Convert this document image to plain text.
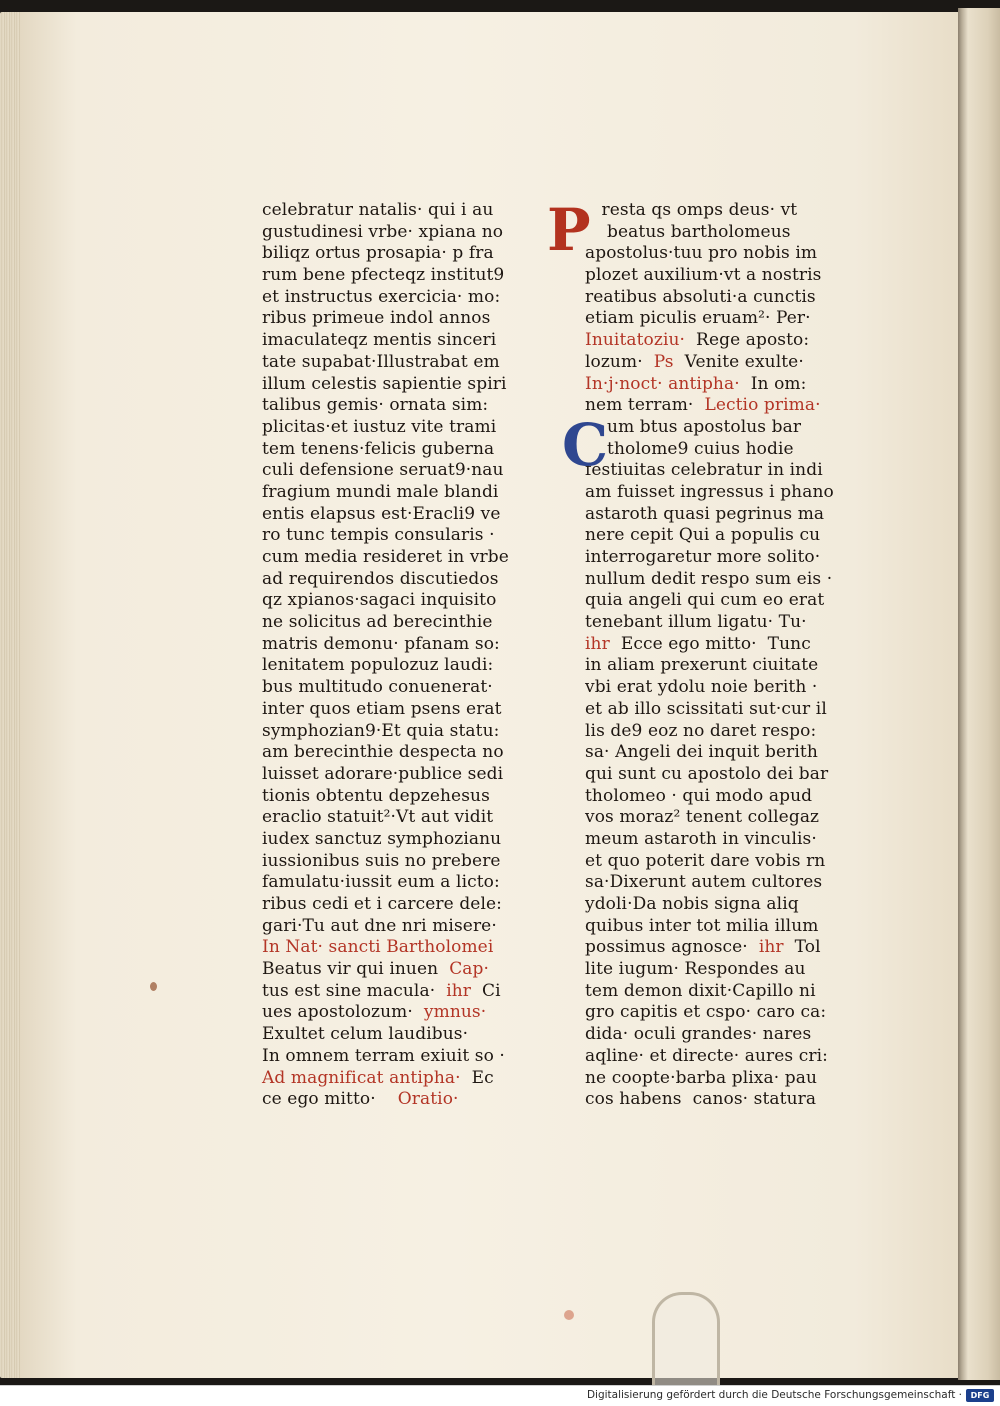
celebratur natalis· qui i au
gustudinesi vrbe· xpiana no
biliqz ortus prosapia· p fra
rum bene pfecteqz institut9
et instructus exercicia· mo:
ribus primeue indol annos
imaculateqz mentis sinceri
tate supabat·Illustrabat em
illum celestis sapientie spiri
talibus gemis· ornata sim:
plicitas·et iustuz vite trami
tem tenens·felicis guberna
culi defensione seruat9·nau
fragium mundi male blandi
entis elapsus est·Eracli9 ve
ro tunc tempis consularis ·
cum media resideret in vrbe
ad requirendos discutiedos
qz xpianos·sagaci inquisito
ne solicitus ad berecinthie
matris demonu· pfanam so:
lenitatem populozuz laudi:
bus multitudo conuenerat·
inter quos etiam psens erat
symphozian9·Et quia statu:
am berecinthie despecta no
luisset adorare·publice sedi
tionis obtentu depzehesus
eraclio statuit²·Vt aut vidit
iudex sanctuz symphozianu
iussionibus suis no prebere
famulatu·iussit eum a licto:
ribus cedi et i carcere dele:
gari·Tu aut dne nri misere·
In Nat· sancti Bartholomei
Beatus vir qui inuen  Cap·
tus est sine macula·  ihr  Ci
ues apostolozum·  ymnus·
Exultet celum laudibus·
In omnem terram exiuit so ·
Ad magnificat antipha·  Ec
ce ego mitto·    Oratio·
resta qs omps deus· vt
beatus bartholomeus
apostolus·tuu pro nobis im
plozet auxilium·vt a nostris
reatibus absoluti·a cunctis
etiam piculis eruam²· Per·
Inuitatoziu·  Rege aposto:
lozum·  Ps  Venite exulte·
In·j·noct· antipha·  In om:
nem terram·  Lectio prima·
um btus apostolus bar
tholome9 cuius hodie
festiuitas celebratur in indi
am fuisset ingressus i phano
astaroth quasi pegrinus ma
nere cepit Qui a populis cu
interrogaretur more solito·
nullum dedit respo sum eis ·
quia angeli qui cum eo erat
tenebant illum ligatu· Tu·
ihr  Ecce ego mitto·  Tunc
in aliam prexerunt ciuitate
vbi erat ydolu noie berith ·
et ab illo scissitati sut·cur il
lis de9 eoz no daret respo:
sa· Angeli dei inquit berith
qui sunt cu apostolo dei bar
tholomeo · qui modo apud
vos moraz² tenent collegaz
meum astaroth in vinculis·
et quo poterit dare vobis rn
sa·Dixerunt autem cultores
ydoli·Da nobis signa aliq
quibus inter tot milia illum
possimus agnosce·  ihr  Tol
lite iugum· Respondes au
tem demon dixit·Capillo ni
gro capitis et cspo· caro ca:
dida· oculi grandes· nares
aqline· et directe· aures cri:
ne coopte·barba plixa· pau
cos habens  canos· statura
P
C
Digitalisierung gefördert durch die Deutsche Forschungsgemeinschaft ·	DFG
